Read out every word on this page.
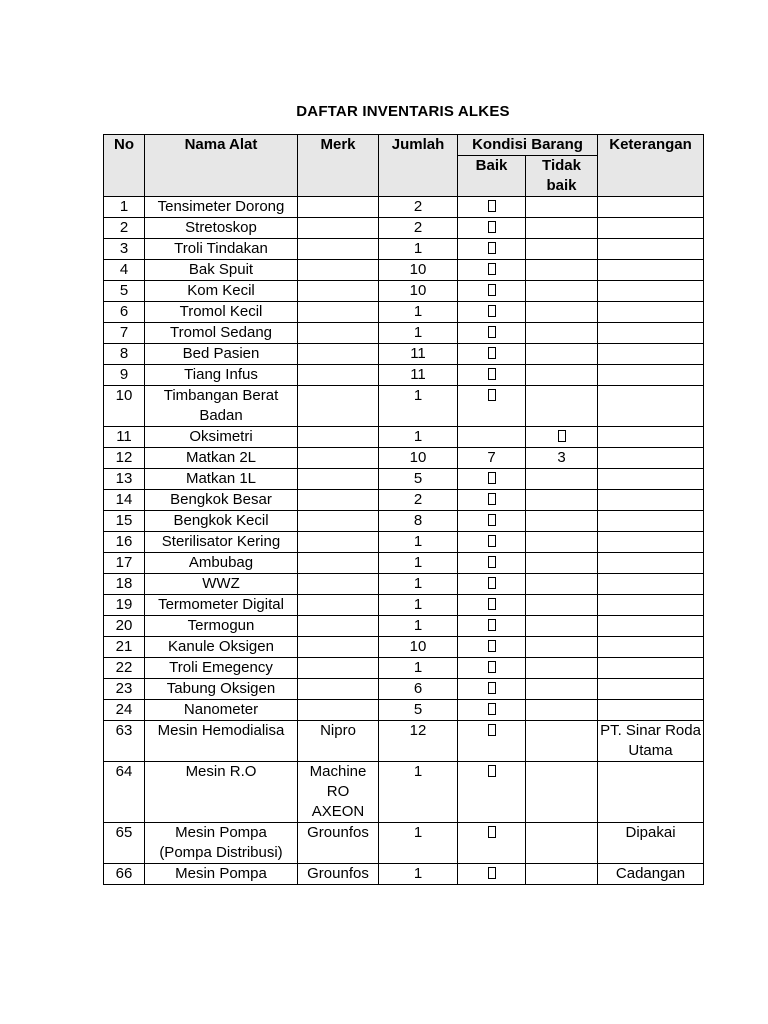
DAFTAR INVENTARIS ALKES
No	Nama Alat	Merk	Jumlah	Kondisi Barang		Keterangan
				Baik	Tidak baik	
1	Tensimeter Dorong		2			
2	Stretoskop		2			
3	Troli Tindakan		1			
4	Bak Spuit		10			
5	Kom Kecil		10			
6	Tromol Kecil		1			
7	Tromol Sedang		1			
8	Bed Pasien		11			
9	Tiang Infus		11			
10	Timbangan Berat Badan		1			
11	Oksimetri		1			
12	Matkan 2L		10	7	3	
13	Matkan 1L		5			
14	Bengkok Besar		2			
15	Bengkok Kecil		8			
16	Sterilisator Kering		1			
17	Ambubag		1			
18	WWZ		1			
19	Termometer Digital		1			
20	Termogun		1			
21	Kanule Oksigen		10			
22	Troli Emegency		1			
23	Tabung Oksigen		6			
24	Nanometer		5			
63	Mesin Hemodialisa	Nipro	12			PT. Sinar Roda Utama
64	Mesin R.O	Machine RO AXEON	1			
65	Mesin Pompa (Pompa Distribusi)	Grounfos	1			Dipakai
66	Mesin Pompa	Grounfos	1			Cadangan
